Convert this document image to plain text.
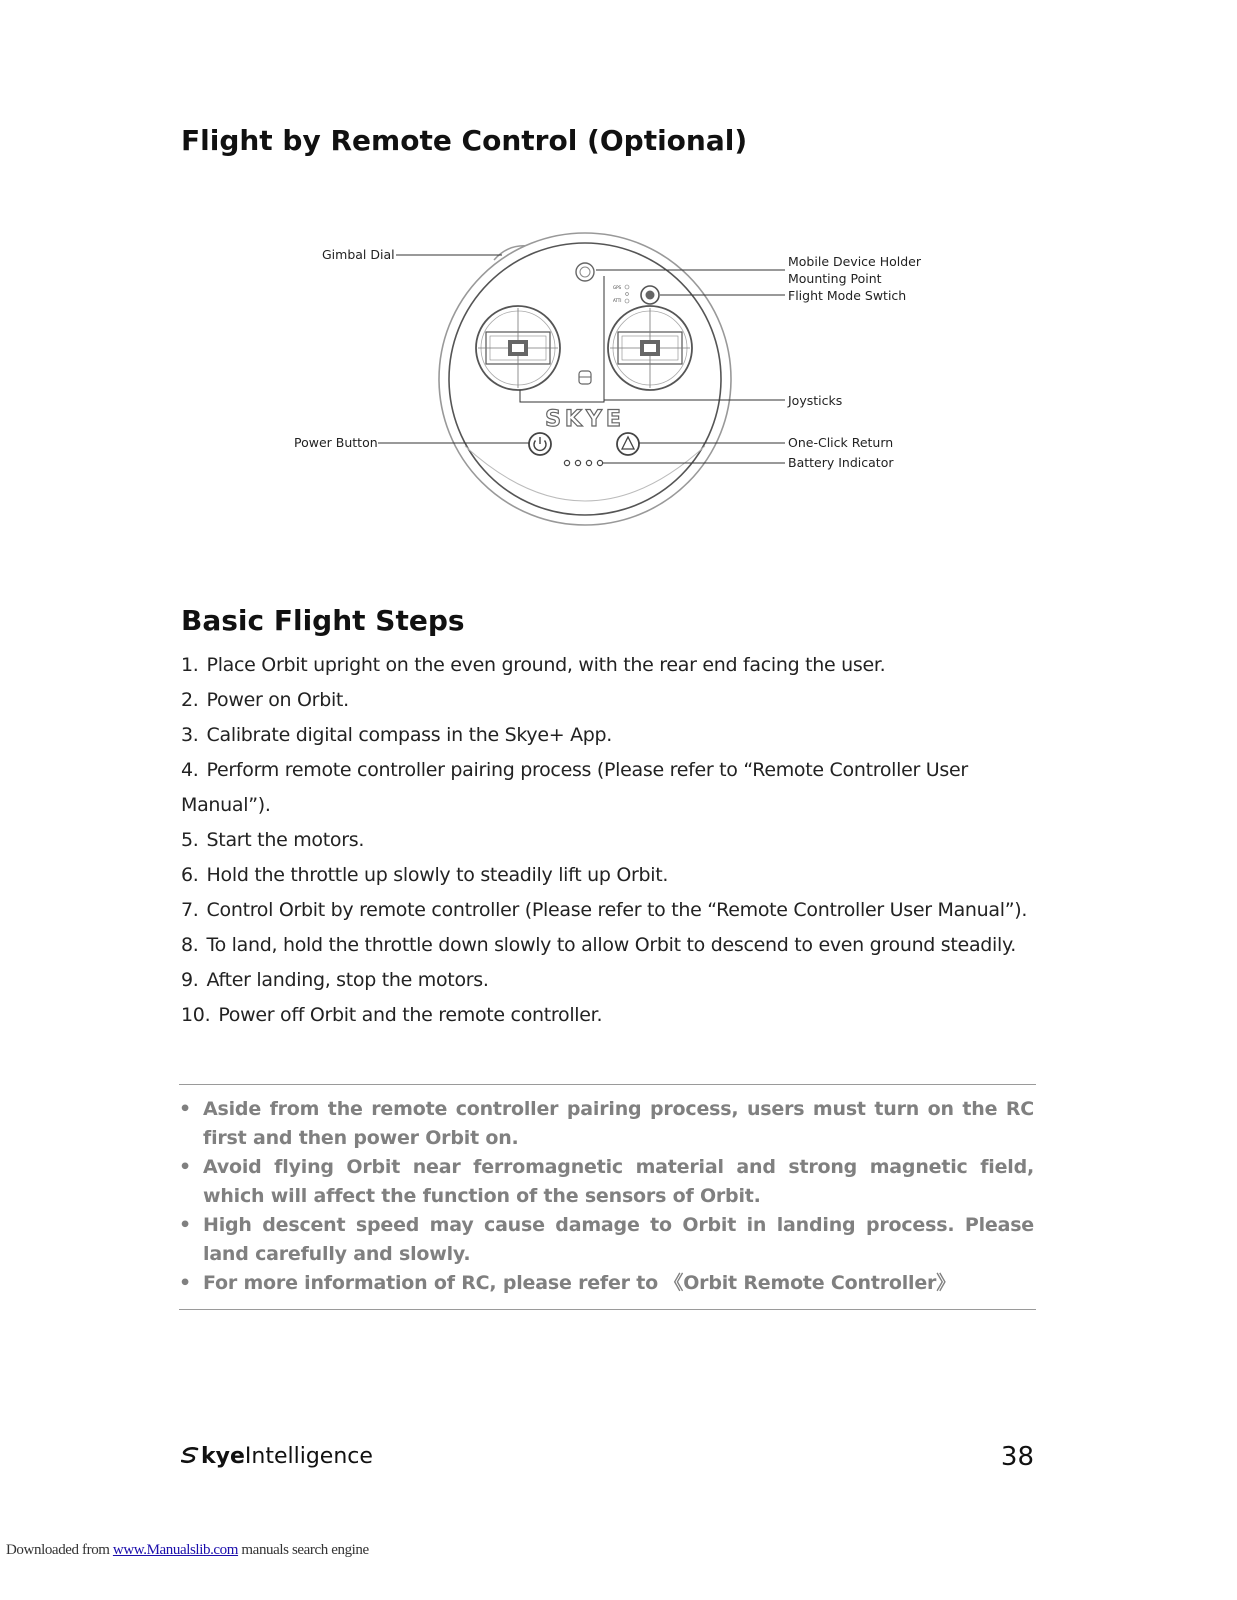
Flight by Remote Control (Optional)
GPS
ATTI
SKYE
Gimbal Dial
Power Button
Mobile Device Holder
Mounting Point
Flight Mode Swtich
Joysticks
One-Click Return
Battery Indicator
Basic Flight Steps
1. Place Orbit upright on the even ground, with the rear end facing the user.
2. Power on Orbit.
3. Calibrate digital compass in the Skye+ App.
4. Perform remote controller pairing process (Please refer to “Remote Controller User Manual”).
5. Start the motors.
6. Hold the throttle up slowly to steadily lift up Orbit.
7. Control Orbit by remote controller (Please refer to the “Remote Controller User Manual”).
8. To land, hold the throttle down slowly to allow Orbit to descend to even ground steadily.
9. After landing, stop the motors.
10. Power off Orbit and the remote controller.
• Aside from the remote controller pairing process, users must turn on the RC first and then power Orbit on.
• Avoid flying Orbit near ferromagnetic material and strong magnetic field, which will affect the function of the sensors of Orbit.
• High descent speed may cause damage to Orbit in landing process. Please land carefully and slowly.
• For more information of RC, please refer to 《Orbit Remote Controller》
kyeIntelligence	38
Downloaded from www.Manualslib.com manuals search engine
